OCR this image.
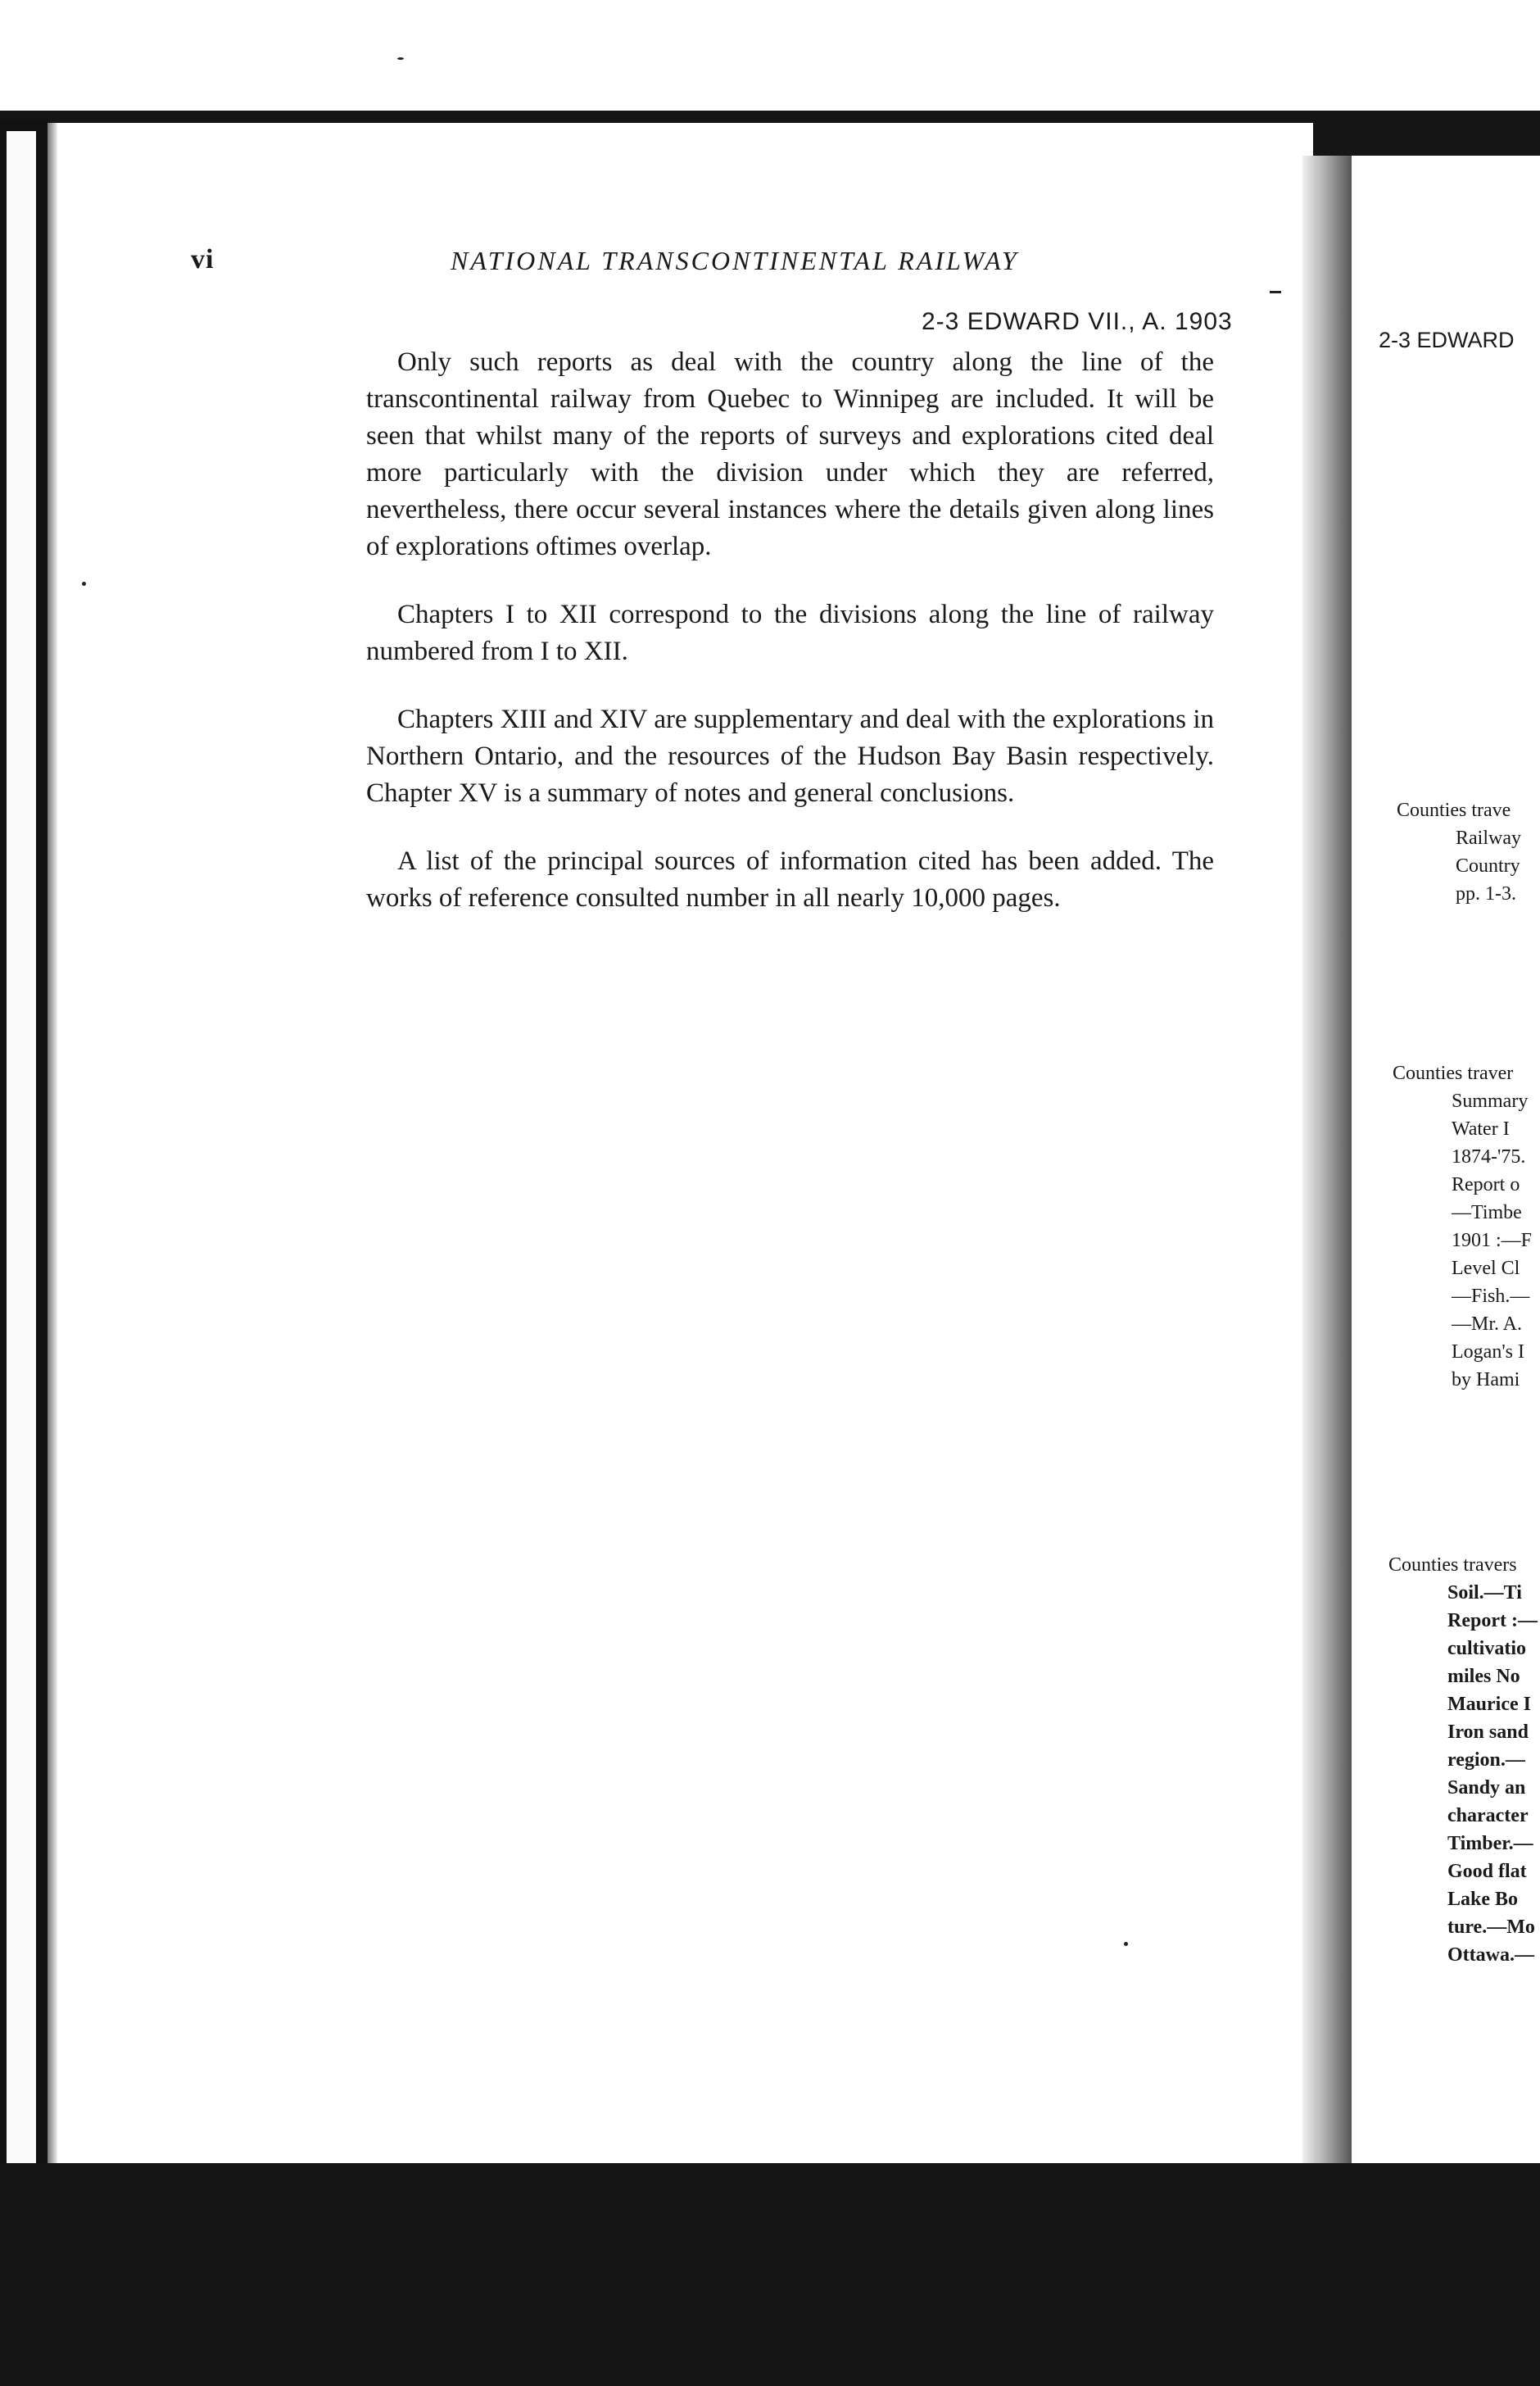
vi	NATIONAL TRANSCONTINENTAL RAILWAY
2-3 EDWARD VII., A. 1903

Only such reports as deal with the country along the line of the transcontinental railway from Quebec to Winnipeg are included. It will be seen that whilst many of the reports of surveys and explorations cited deal more particularly with the division under which they are referred, nevertheless, there occur several instances where the details given along lines of explorations oftimes overlap.

Chapters I to XII correspond to the divisions along the line of railway numbered from I to XII.

Chapters XIII and XIV are supplementary and deal with the explorations in Northern Ontario, and the resources of the Hudson Bay Basin respectively. Chapter XV is a summary of notes and general conclusions.

A list of the principal sources of information cited has been added. The works of reference consulted number in all nearly 10,000 pages.

2-3 EDWARD
Counties trave
Railway
Country
pp. 1-3.
Counties traver
Summary
Water I
1874-'75.
Report o
—Timbe
1901 :—F
Level Cl
—Fish.—
—Mr. A.
Logan's I
by Hami
Counties travers
Soil.—Ti
Report :—
cultivatio
miles No
Maurice I
Iron sand
region.—
Sandy an
character
Timber.—
Good flat
Lake Bo
ture.—Mo
Ottawa.—
